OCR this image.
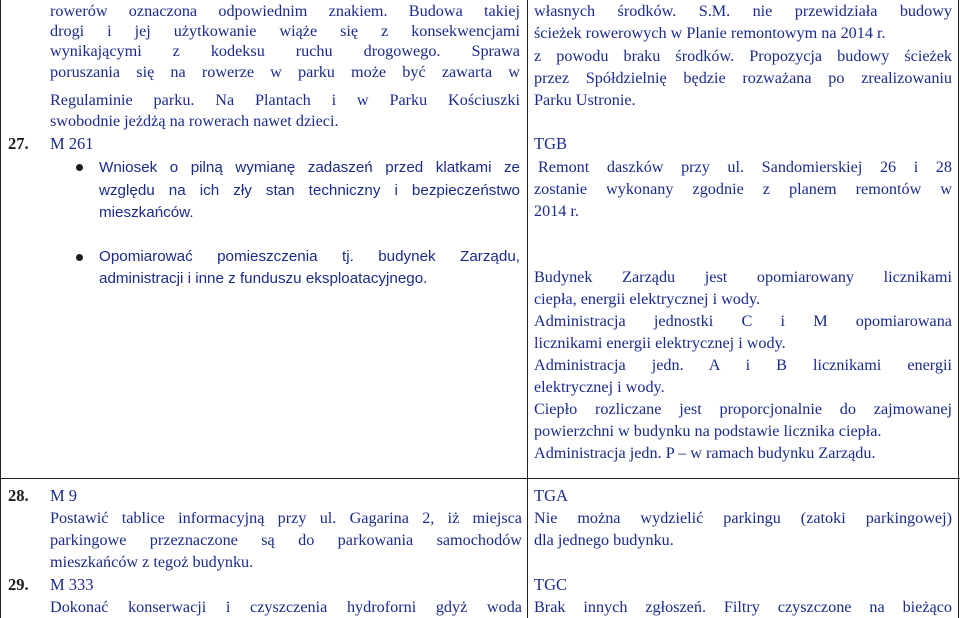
rowerów oznaczona odpowiednim znakiem. Budowa takiej
drogi i jej użytkowanie wiąże się z konsekwencjami
wynikającymi z kodeksu ruchu drogowego. Sprawa
poruszania się na rowerze w parku może być zawarta w
Regulaminie parku. Na Plantach i w Parku Kościuszki
swobodnie jeżdżą na rowerach nawet dzieci.
27. M 261
Wniosek o pilną wymianę zadaszeń przed klatkami ze
względu na ich zły stan techniczny i bezpieczeństwo
mieszkańców.
Opomiarować pomieszczenia tj. budynek Zarządu,
administracji i inne z funduszu eksploatacyjnego.
28. M 9
Postawić tablice informacyjną przy ul. Gagarina 2, iż miejsca
parkingowe przeznaczone są do parkowania samochodów
mieszkańców z tegoż budynku.
29. M 333
Dokonać konserwacji i czyszczenia hydroforni gdyż woda
własnych środków. S.M. nie przewidziała budowy
ścieżek rowerowych w Planie remontowym na 2014 r.
z powodu braku środków. Propozycja budowy ścieżek
przez Spółdzielnię będzie rozważana po zrealizowaniu
Parku Ustronie.
TGB
Remont daszków przy ul. Sandomierskiej 26 i 28
zostanie wykonany zgodnie z planem remontów w
2014 r.
Budynek Zarządu jest opomiarowany licznikami
ciepła, energii elektrycznej i wody.
Administracja jednostki C i M opomiarowana
licznikami energii elektrycznej i wody.
Administracja jedn. A i B licznikami energii
elektrycznej i wody.
Ciepło rozliczane jest proporcjonalnie do zajmowanej
powierzchni w budynku na podstawie licznika ciepła.
Administracja jedn. P – w ramach budynku Zarządu.
TGA
Nie można wydzielić parkingu (zatoki parkingowej)
dla jednego budynku.
TGC
Brak innych zgłoszeń. Filtry czyszczone na bieżąco
